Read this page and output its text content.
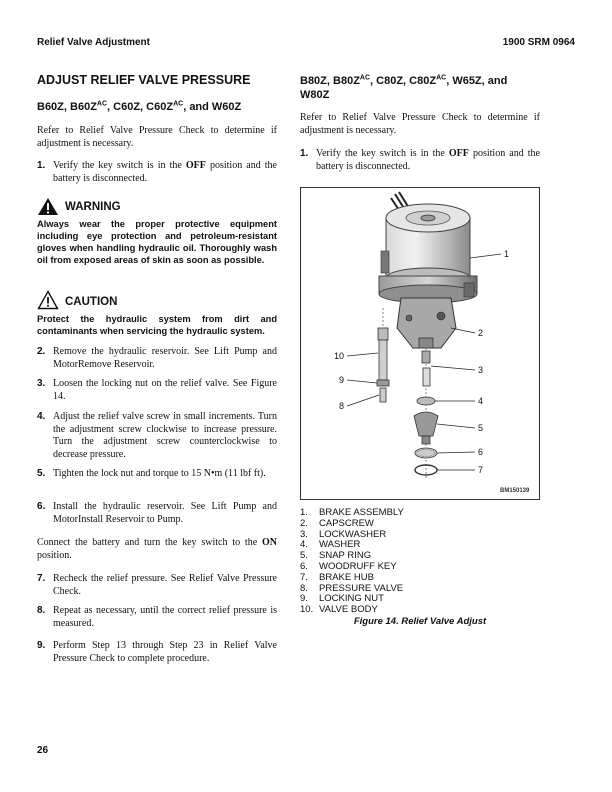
Relief Valve Adjustment	1900 SRM 0964
ADJUST RELIEF VALVE PRESSURE
B60Z, $B60Z^{AC}$, C60Z, $C60Z^{AC}$, and W60Z
Refer to Relief Valve Pressure Check to determine if adjustment is necessary.
1. Verify the key switch is in the OFF position and the battery is disconnected.
WARNING
Always wear the proper protective equipment including eye protection and petroleum-resistant gloves when handling hydraulic oil. Thoroughly wash oil from exposed areas of skin as soon as possible.
CAUTION
Protect the hydraulic system from dirt and contaminants when servicing the hydraulic system.
2. Remove the hydraulic reservoir. See Lift Pump and MotorRemove Reservoir.
3. Loosen the locking nut on the relief valve. See Figure 14.
4. Adjust the relief valve screw in small increments. Turn the adjustment screw clockwise to increase pressure. Turn the adjustment screw counterclockwise to decrease pressure.
5. Tighten the lock nut and torque to 15 N•m (11 lbf ft).
6. Install the hydraulic reservoir. See Lift Pump and MotorInstall Reservoir to Pump.
Connect the battery and turn the key switch to the ON position.
7. Recheck the relief pressure. See Relief Valve Pressure Check.
8. Repeat as necessary, until the correct relief pressure is measured.
9. Perform Step 13 through Step 23 in Relief Valve Pressure Check to complete procedure.
B80Z, $B80Z^{AC}$, C80Z, $C80Z^{AC}$, W65Z, and
W80Z
Refer to Relief Valve Pressure Check to determine if adjustment is necessary.
1. Verify the key switch is in the OFF position and the battery is disconnected.
1
2
3
4
5
6
7
8
9
10
BM150139
1.	BRAKE ASSEMBLY
2.	CAPSCREW
3.	LOCKWASHER
4.	WASHER
5.	SNAP RING
6.	WOODRUFF KEY
7.	BRAKE HUB
8.	PRESSURE VALVE
9.	LOCKING NUT
10. VALVE BODY
Figure 14. Relief Valve Adjust
26
